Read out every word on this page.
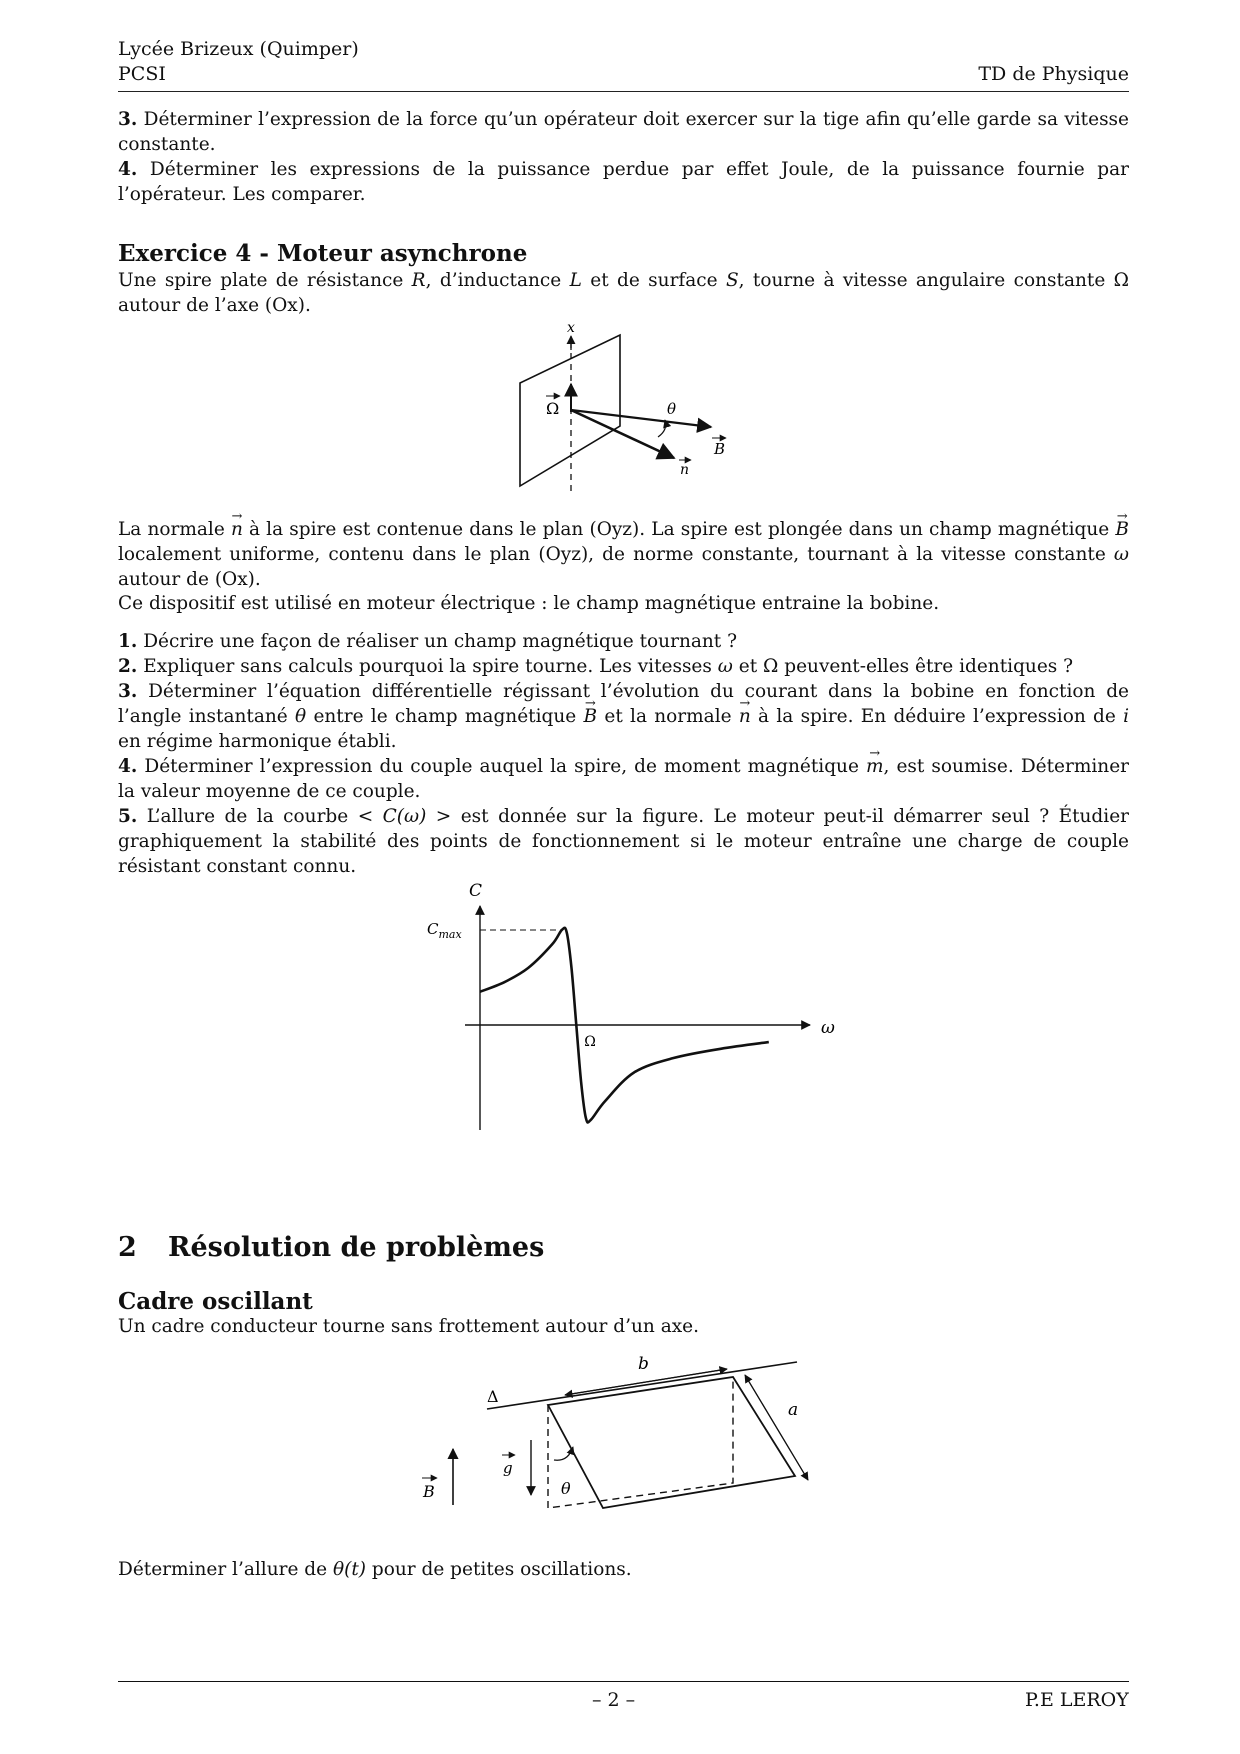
Lycée Brizeux (Quimper)
PCSI	TD de Physique
3. Déterminer l’expression de la force qu’un opérateur doit exercer sur la tige afin qu’elle garde sa vitesse constante.
4. Déterminer les expressions de la puissance perdue par effet Joule, de la puissance fournie par l’opérateur. Les comparer.
Exercice 4 - Moteur asynchrone
Une spire plate de résistance R, d’inductance L et de surface S, tourne à vitesse angulaire constante Ω autour de l’axe (Ox).
x
Ω
B
n
θ
La normale → n à la spire est contenue dans le plan (Oyz). La spire est plongée dans un champ magnétique → B localement uniforme, contenu dans le plan (Oyz), de norme constante, tournant à la vitesse constante ω autour de (Ox).
Ce dispositif est utilisé en moteur électrique : le champ magnétique entraine la bobine.
1. Décrire une façon de réaliser un champ magnétique tournant ?
2. Expliquer sans calculs pourquoi la spire tourne. Les vitesses ω et Ω peuvent-elles être identiques ?
3. Déterminer l’équation différentielle régissant l’évolution du courant dans la bobine en fonction de l’angle instantané θ entre le champ magnétique → B et la normale → n à la spire. En déduire l’expression de i en régime harmonique établi.
4. Déterminer l’expression du couple auquel la spire, de moment magnétique → m, est soumise. Déterminer la valeur moyenne de ce couple.
5. L’allure de la courbe < C(ω) > est donnée sur la figure. Le moteur peut-il démarrer seul ? Étudier graphiquement la stabilité des points de fonctionnement si le moteur entraîne une charge de couple résistant constant connu.
C
ω
$C_{max}$
Ω
2 Résolution de problèmes
Cadre oscillant
Un cadre conducteur tourne sans frottement autour d’un axe.
Δ
b
a
θ
B
g
Déterminer l’allure de θ(t) pour de petites oscillations.
– 2 –	P.E LEROY
